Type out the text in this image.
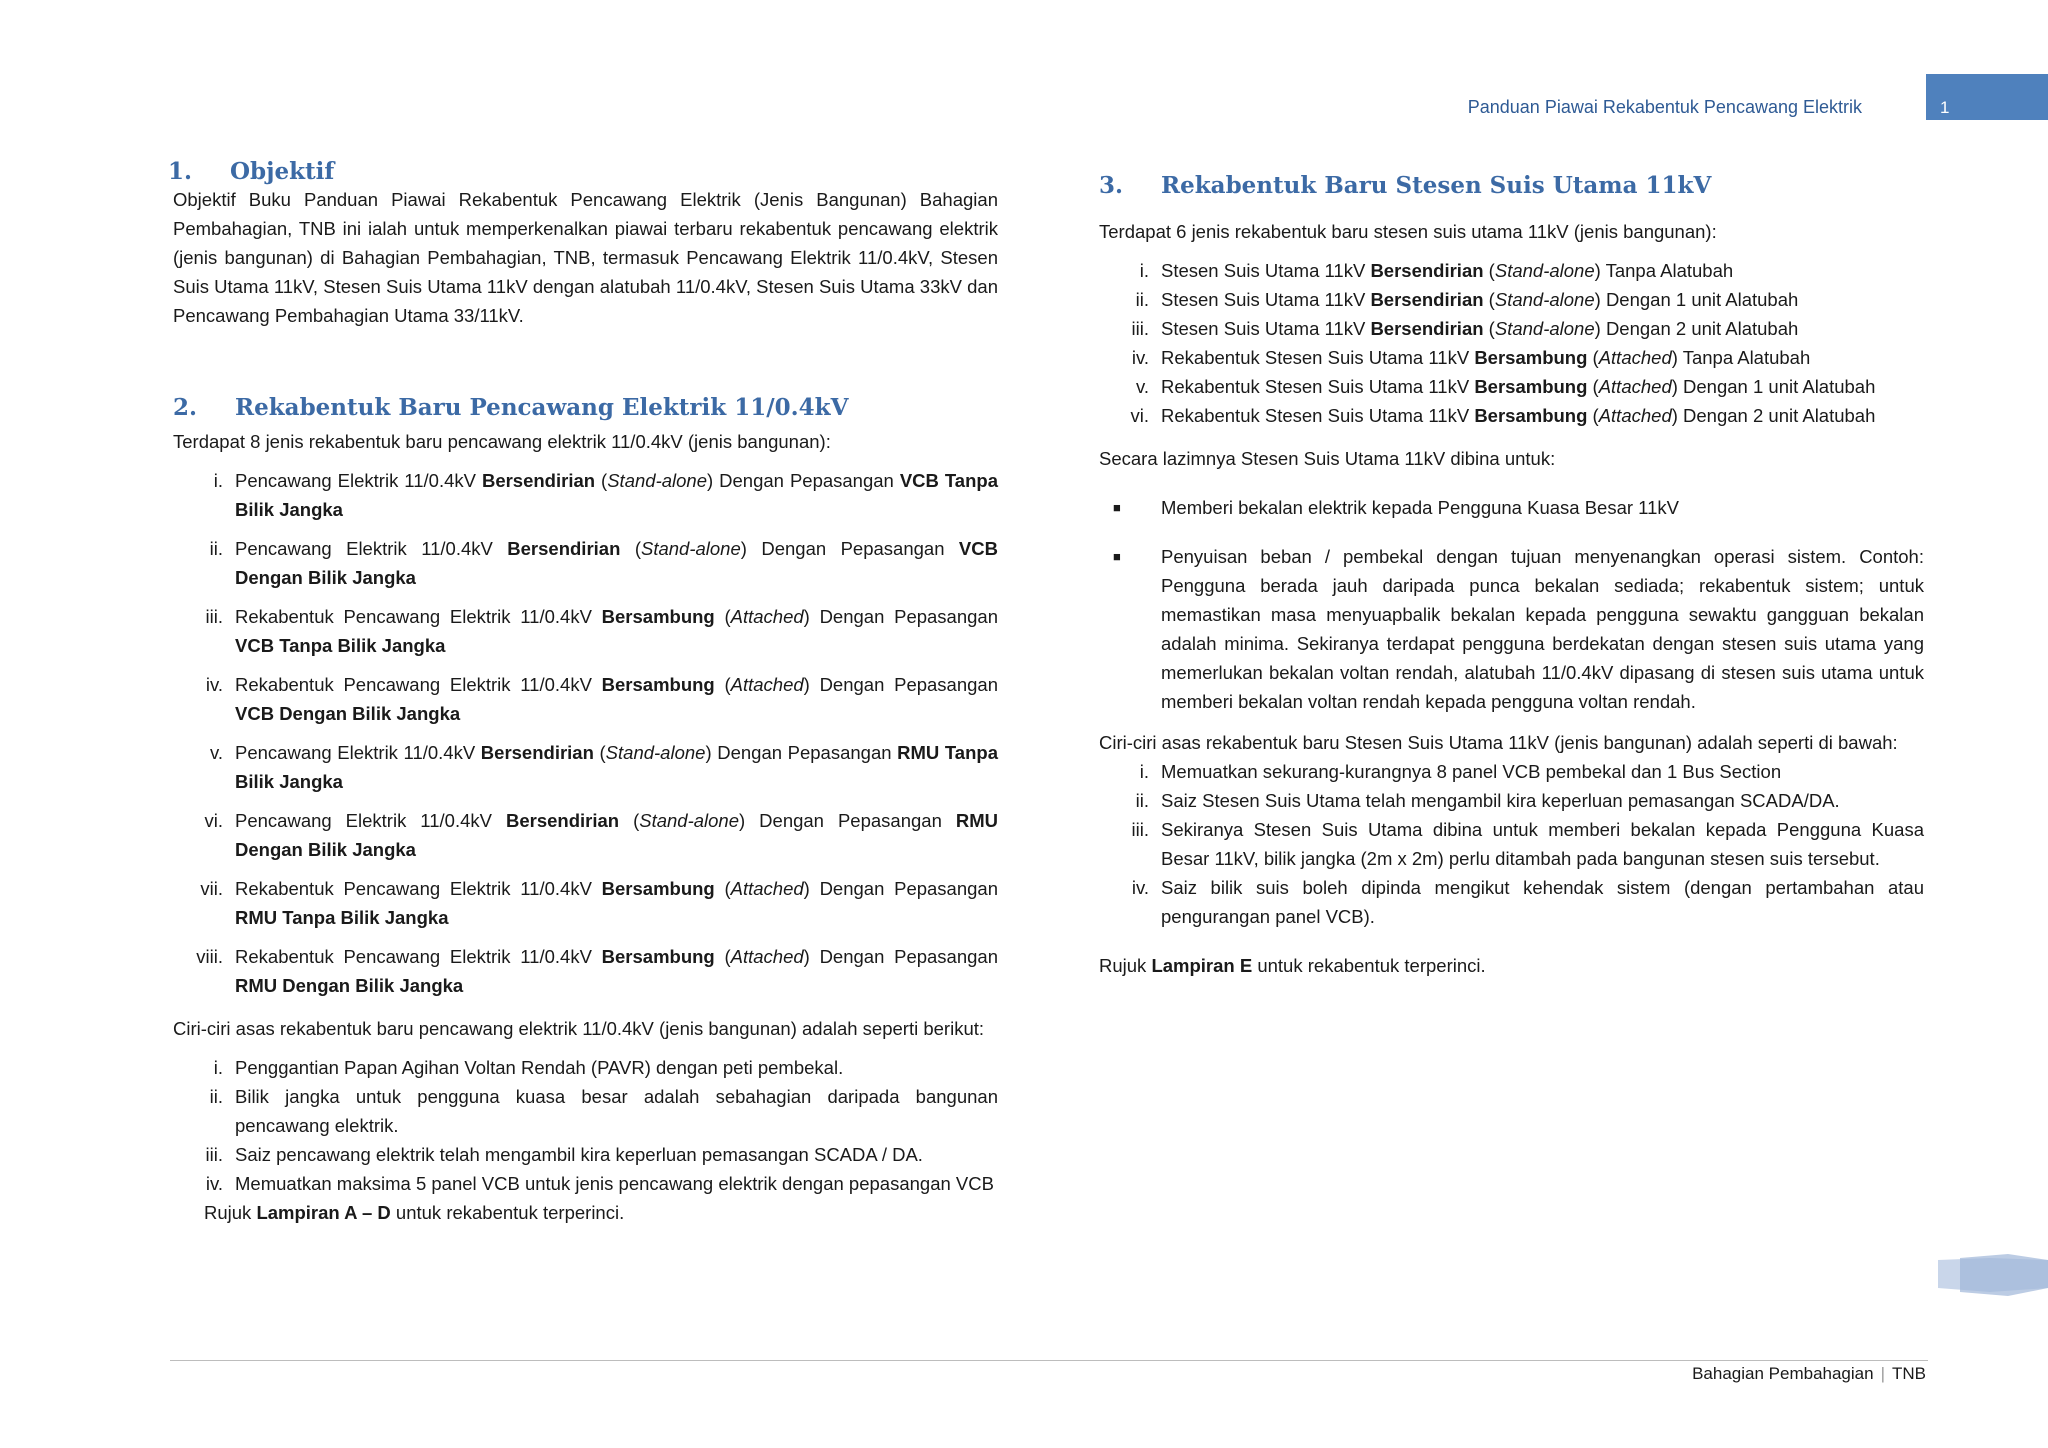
Panduan Piawai Rekabentuk Pencawang Elektrik	1
1.	Objektif

Objektif Buku Panduan Piawai Rekabentuk Pencawang Elektrik (Jenis Bangunan) Bahagian Pembahagian, TNB ini ialah untuk memperkenalkan piawai terbaru rekabentuk pencawang elektrik (jenis bangunan) di Bahagian Pembahagian, TNB, termasuk Pencawang Elektrik 11/0.4kV, Stesen Suis Utama 11kV, Stesen Suis Utama 11kV dengan alatubah 11/0.4kV, Stesen Suis Utama 33kV dan Pencawang Pembahagian Utama 33/11kV.

2.	Rekabentuk Baru Pencawang Elektrik 11/0.4kV

Terdapat 8 jenis rekabentuk baru pencawang elektrik 11/0.4kV (jenis bangunan):

i. Pencawang Elektrik 11/0.4kV Bersendirian (Stand-alone) Dengan Pepasangan VCB Tanpa Bilik Jangka
ii. Pencawang Elektrik 11/0.4kV Bersendirian (Stand-alone) Dengan Pepasangan VCB Dengan Bilik Jangka
iii. Rekabentuk Pencawang Elektrik 11/0.4kV Bersambung (Attached) Dengan Pepasangan VCB Tanpa Bilik Jangka
iv. Rekabentuk Pencawang Elektrik 11/0.4kV Bersambung (Attached) Dengan Pepasangan VCB Dengan Bilik Jangka
v. Pencawang Elektrik 11/0.4kV Bersendirian (Stand-alone) Dengan Pepasangan RMU Tanpa Bilik Jangka
vi. Pencawang Elektrik 11/0.4kV Bersendirian (Stand-alone) Dengan Pepasangan RMU Dengan Bilik Jangka
vii. Rekabentuk Pencawang Elektrik 11/0.4kV Bersambung (Attached) Dengan Pepasangan RMU Tanpa Bilik Jangka
viii. Rekabentuk Pencawang Elektrik 11/0.4kV Bersambung (Attached) Dengan Pepasangan RMU Dengan Bilik Jangka

Ciri-ciri asas rekabentuk baru pencawang elektrik 11/0.4kV (jenis bangunan) adalah seperti berikut:

i. Penggantian Papan Agihan Voltan Rendah (PAVR) dengan peti pembekal.
ii. Bilik jangka untuk pengguna kuasa besar adalah sebahagian daripada bangunan pencawang elektrik.
iii. Saiz pencawang elektrik telah mengambil kira keperluan pemasangan SCADA / DA.
iv. Memuatkan maksima 5 panel VCB untuk jenis pencawang elektrik dengan pepasangan VCB
Rujuk Lampiran A – D untuk rekabentuk terperinci.
3.	Rekabentuk Baru Stesen Suis Utama 11kV

Terdapat 6 jenis rekabentuk baru stesen suis utama 11kV (jenis bangunan):

i. Stesen Suis Utama 11kV Bersendirian (Stand-alone) Tanpa Alatubah
ii. Stesen Suis Utama 11kV Bersendirian (Stand-alone) Dengan 1 unit Alatubah
iii. Stesen Suis Utama 11kV Bersendirian (Stand-alone) Dengan 2 unit Alatubah
iv. Rekabentuk Stesen Suis Utama 11kV Bersambung (Attached) Tanpa Alatubah
v. Rekabentuk Stesen Suis Utama 11kV Bersambung (Attached) Dengan 1 unit Alatubah
vi. Rekabentuk Stesen Suis Utama 11kV Bersambung (Attached) Dengan 2 unit Alatubah

Secara lazimnya Stesen Suis Utama 11kV dibina untuk:

■	Memberi bekalan elektrik kepada Pengguna Kuasa Besar 11kV
■	Penyuisan beban / pembekal dengan tujuan menyenangkan operasi sistem. Contoh: Pengguna berada jauh daripada punca bekalan sediada; rekabentuk sistem; untuk memastikan masa menyuapbalik bekalan kepada pengguna sewaktu gangguan bekalan adalah minima. Sekiranya terdapat pengguna berdekatan dengan stesen suis utama yang memerlukan bekalan voltan rendah, alatubah 11/0.4kV dipasang di stesen suis utama untuk memberi bekalan voltan rendah kepada pengguna voltan rendah.

Ciri-ciri asas rekabentuk baru Stesen Suis Utama 11kV (jenis bangunan) adalah seperti di bawah:

i. Memuatkan sekurang-kurangnya 8 panel VCB pembekal dan 1 Bus Section
ii. Saiz Stesen Suis Utama telah mengambil kira keperluan pemasangan SCADA/DA.
iii. Sekiranya Stesen Suis Utama dibina untuk memberi bekalan kepada Pengguna Kuasa Besar 11kV, bilik jangka (2m x 2m) perlu ditambah pada bangunan stesen suis tersebut.
iv. Saiz bilik suis boleh dipinda mengikut kehendak sistem (dengan pertambahan atau pengurangan panel VCB).

Rujuk Lampiran E untuk rekabentuk terperinci.

Bahagian Pembahagian | TNB
